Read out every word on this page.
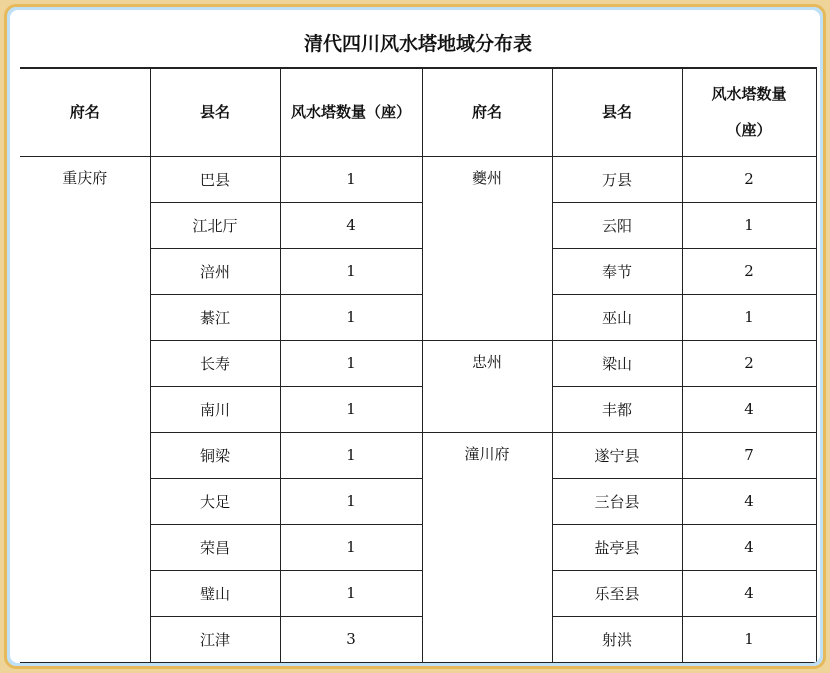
清代四川风水塔地域分布表					
府名	县名	风水塔数量（座）	府名	县名	风水塔数量
（座）

重庆府	巴县	1	夔州	万县	2
	江北厅	4		云阳	1
	涪州	1		奉节	2
	綦江	1		巫山	1
	长寿	1	忠州	梁山	2
	南川	1		丰都	4
	铜梁	1	潼川府	遂宁县	7
	大足	1		三台县	4
	荣昌	1		盐亭县	4
	璧山	1		乐至县	4
	江津	3		射洪	1
